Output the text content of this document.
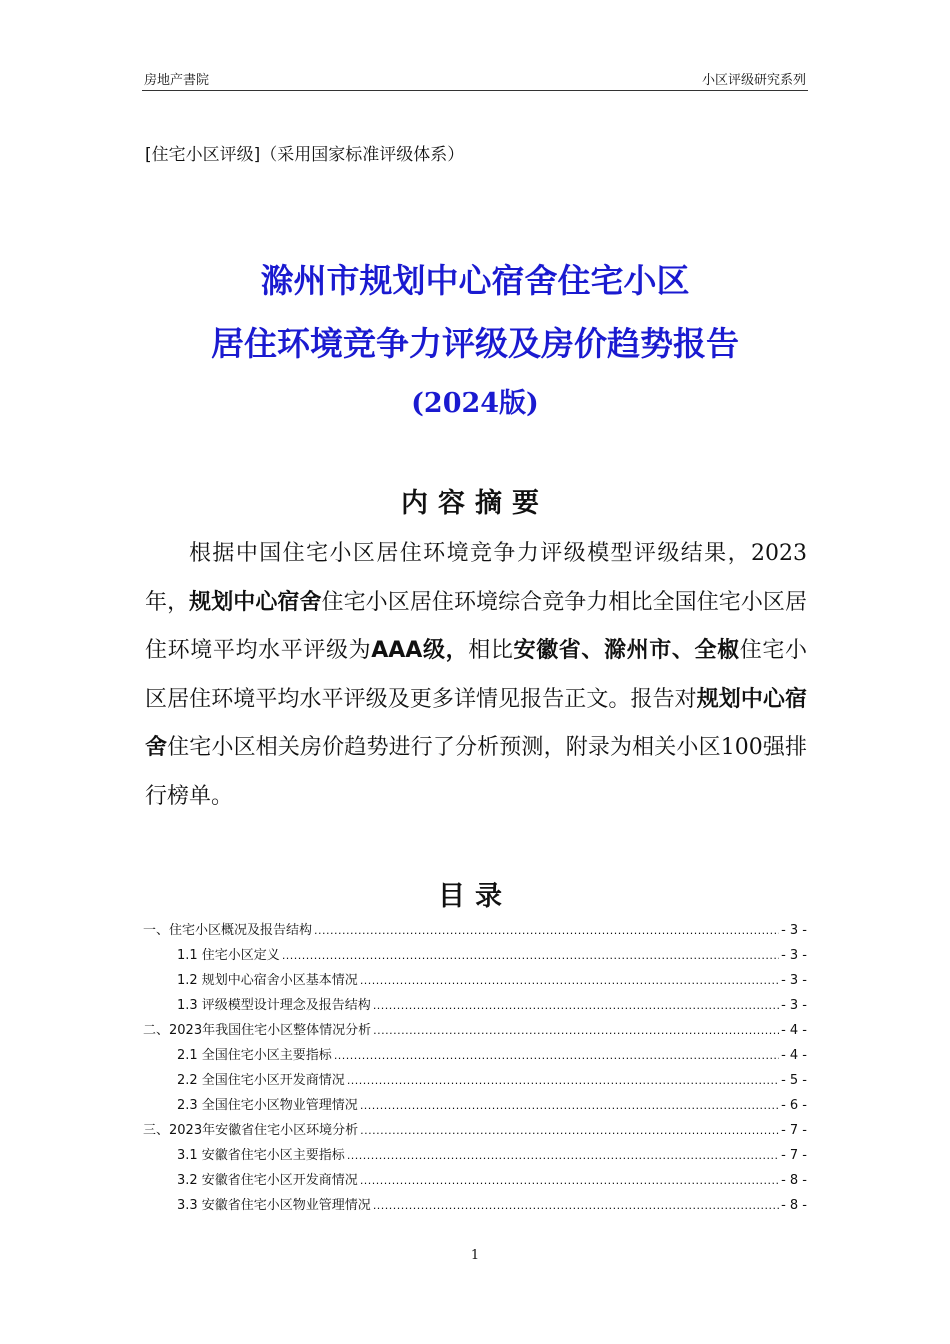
房地产書院	小区评级研究系列
[住宅小区评级]（采用国家标准评级体系）
滁州市规划中心宿舍住宅小区
居住环境竞争力评级及房价趋势报告
(2024版)
内容摘要
根据中国住宅小区居住环境竞争力评级模型评级结果，2023年，规划中心宿舍住宅小区居住环境综合竞争力相比全国住宅小区居住环境平均水平评级为AAA级，相比安徽省、滁州市、全椒住宅小区居住环境平均水平评级及更多详情见报告正文。报告对规划中心宿舍住宅小区相关房价趋势进行了分析预测，附录为相关小区100强排行榜单。
目录
一、住宅小区概况及报告结构 .....	- 3 -
1.1 住宅小区定义 .....	- 3 -
1.2 规划中心宿舍小区基本情况 .....	- 3 -
1.3 评级模型设计理念及报告结构 .....	- 3 -
二、2023年我国住宅小区整体情况分析 .....	- 4 -
2.1 全国住宅小区主要指标 .....	- 4 -
2.2 全国住宅小区开发商情况 .....	- 5 -
2.3 全国住宅小区物业管理情况 .....	- 6 -
三、2023年安徽省住宅小区环境分析 .....	- 7 -
3.1 安徽省住宅小区主要指标 .....	- 7 -
3.2 安徽省住宅小区开发商情况 .....	- 8 -
3.3 安徽省住宅小区物业管理情况 .....	- 8 -
1
